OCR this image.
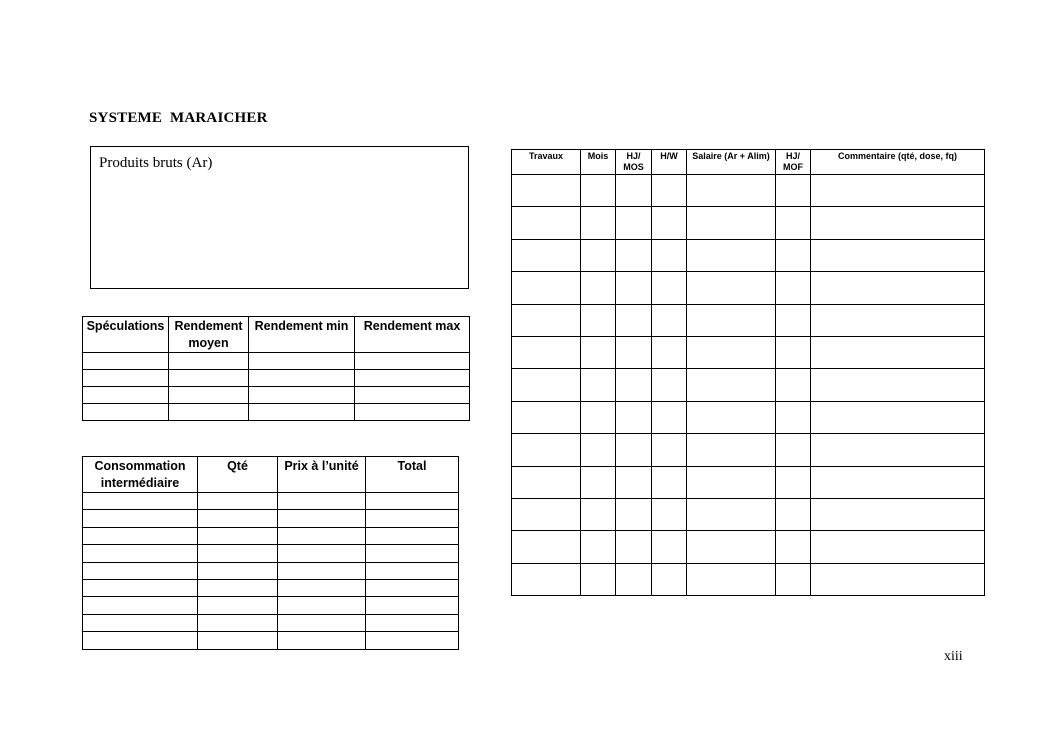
SYSTEME  MARAICHER
Produits bruts (Ar)
Spéculations	Rendement moyen	Rendement min	Rendement max

Consommation intermédiaire	Qté	Prix à l’unité	Total

Travaux	Mois	HJ/ MOS	H/W	Salaire (Ar + Alim)	HJ/ MOF	Commentaire (qté, dose, fq)

xiii
